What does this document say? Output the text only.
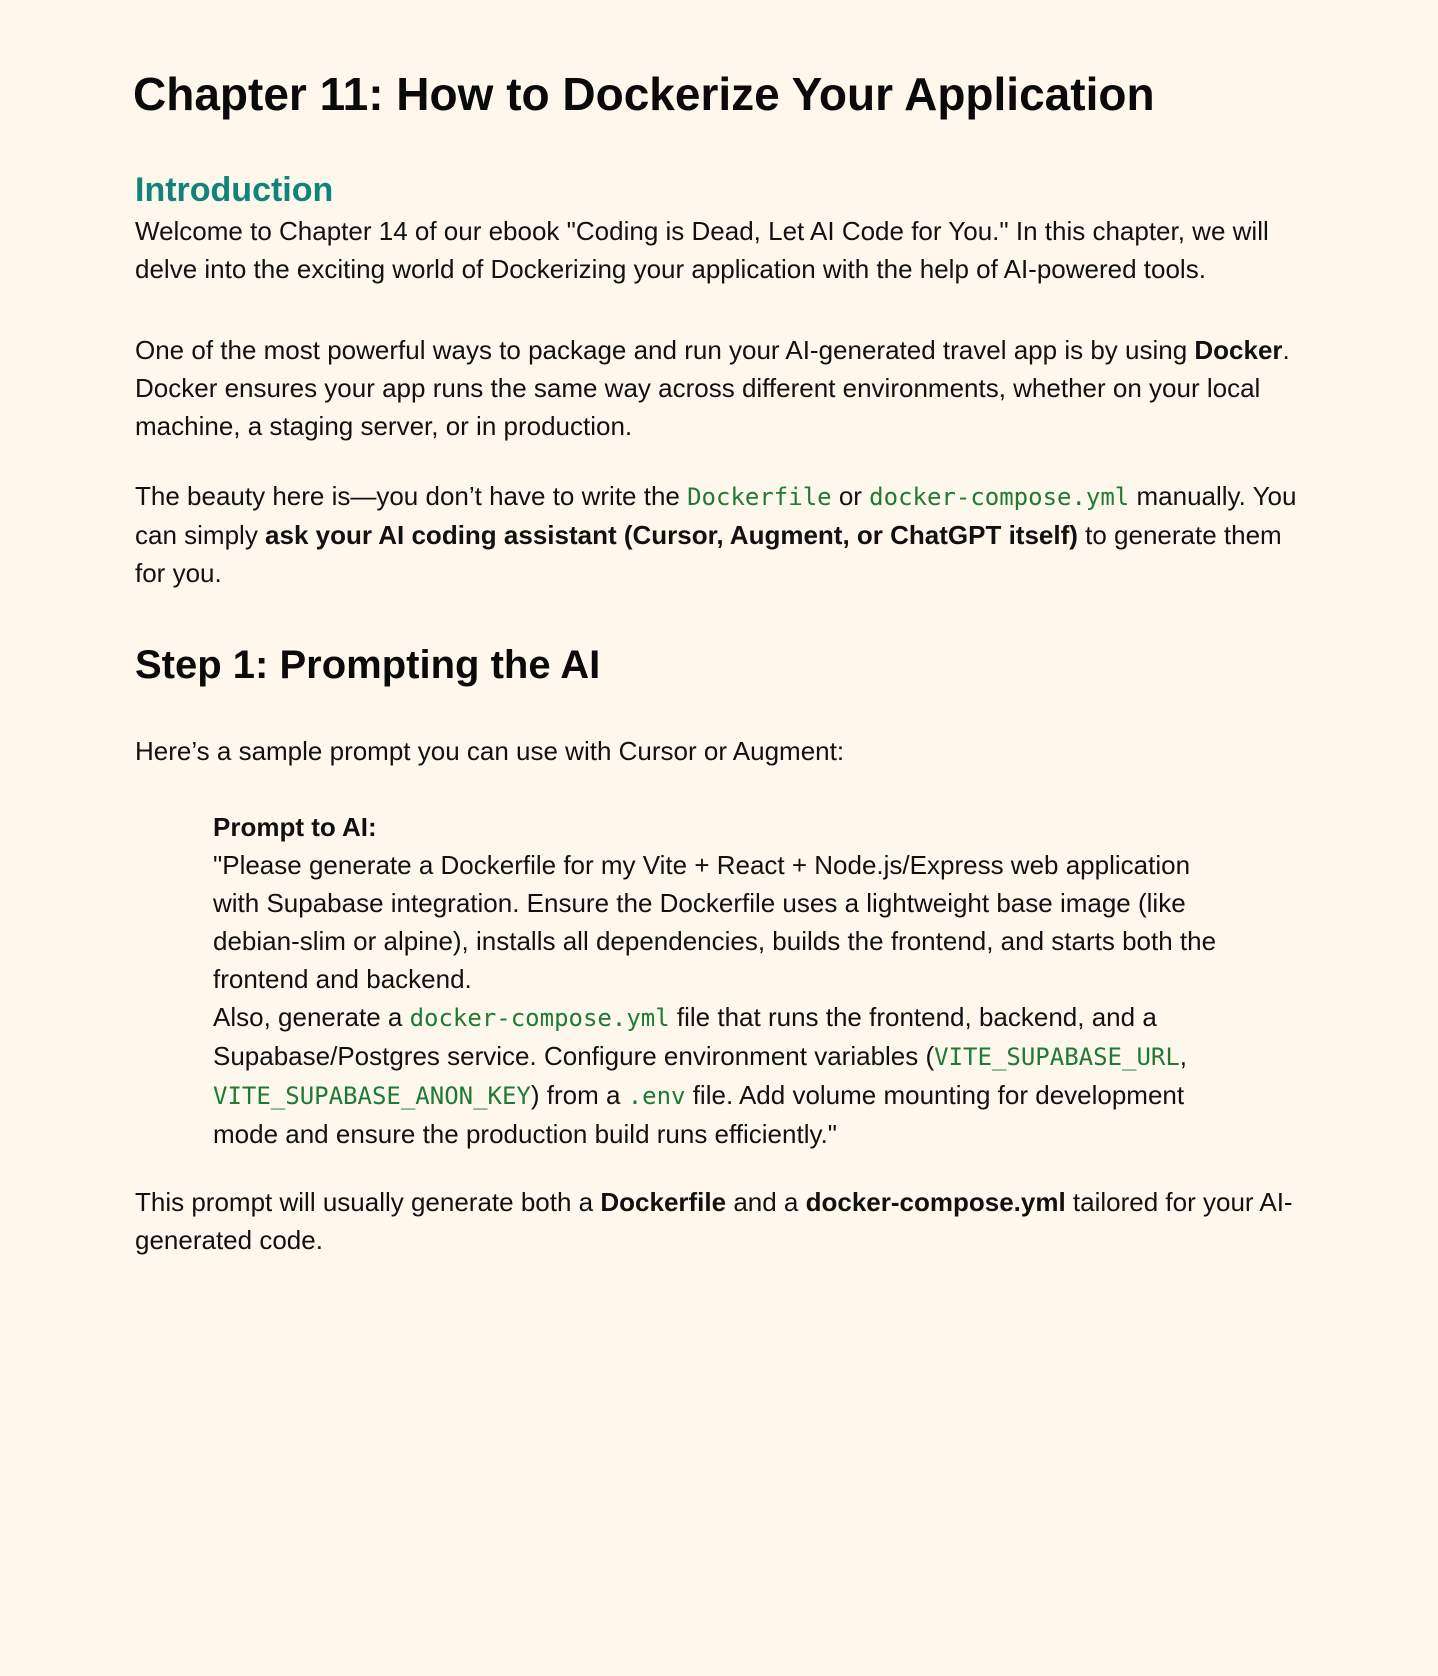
Chapter 11: How to Dockerize Your Application
Introduction

Welcome to Chapter 14 of our ebook "Coding is Dead, Let AI Code for You." In this chapter, we will delve into the exciting world of Dockerizing your application with the help of AI-powered tools.

One of the most powerful ways to package and run your AI-generated travel app is by using Docker. Docker ensures your app runs the same way across different environments, whether on your local machine, a staging server, or in production.

The beauty here is—you don’t have to write the Dockerfile or docker-compose.yml manually. You can simply ask your AI coding assistant (Cursor, Augment, or ChatGPT itself) to generate them for you.

Step 1: Prompting the AI

Here’s a sample prompt you can use with Cursor or Augment:

Prompt to AI:

"Please generate a Dockerfile for my Vite + React + Node.js/Express web application with Supabase integration. Ensure the Dockerfile uses a lightweight base image (like debian-slim or alpine), installs all dependencies, builds the frontend, and starts both the frontend and backend.

Also, generate a docker-compose.yml file that runs the frontend, backend, and a Supabase/Postgres service. Configure environment variables (VITE_SUPABASE_URL, VITE_SUPABASE_ANON_KEY) from a .env file. Add volume mounting for development mode and ensure the production build runs efficiently."

This prompt will usually generate both a Dockerfile and a docker-compose.yml tailored for your AI-generated code.
